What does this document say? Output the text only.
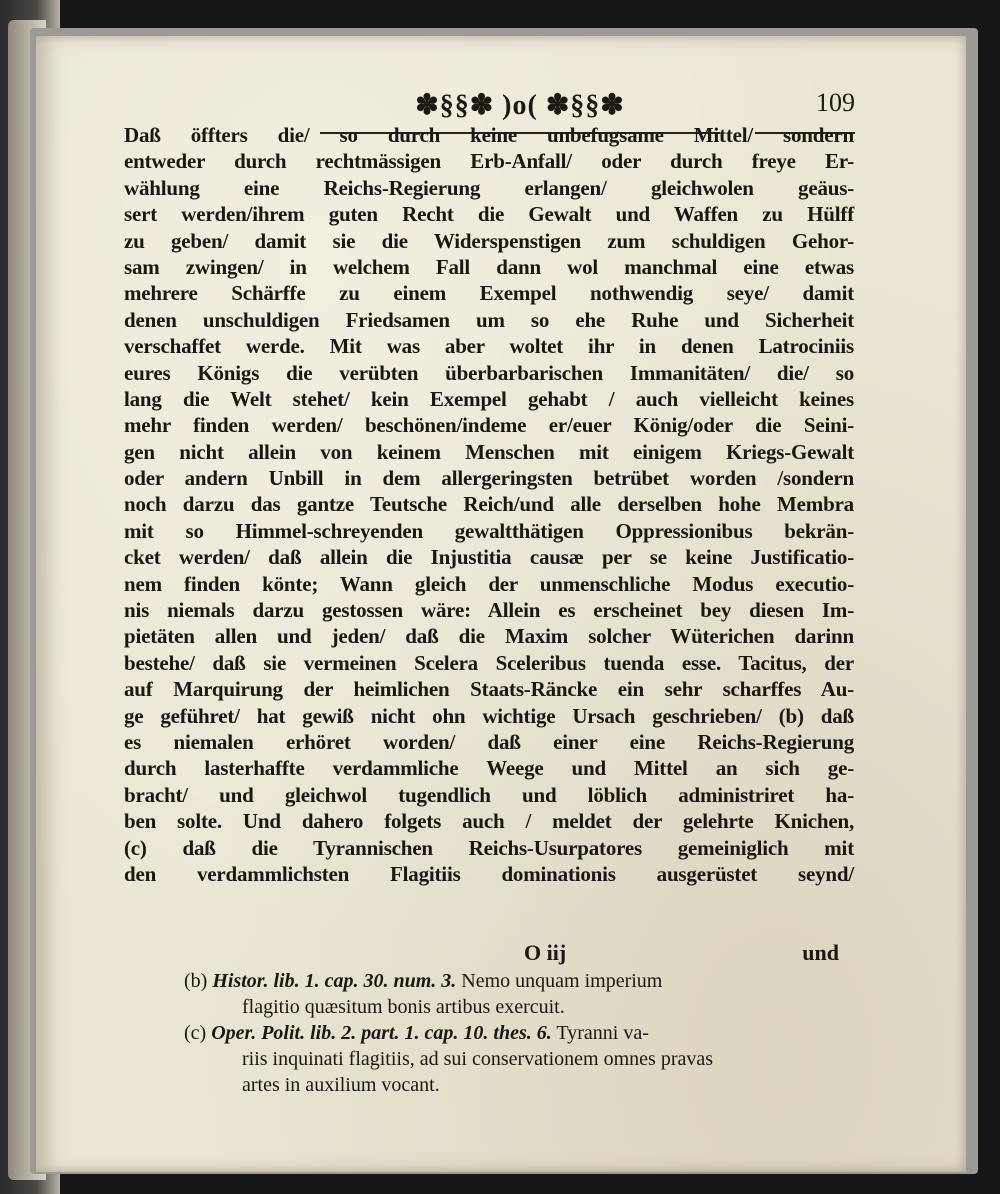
✽§§✽ )o( ✽§§✽	109
Daß öffters die/ so durch keine unbefugsame Mittel/ sondern
entweder durch rechtmässigen Erb-Anfall/ oder durch freye Er-
wählung eine Reichs-Regierung erlangen/ gleichwolen geäus-
sert werden/ihrem guten Recht die Gewalt und Waffen zu Hülff
zu geben/ damit sie die Widerspenstigen zum schuldigen Gehor-
sam zwingen/ in welchem Fall dann wol manchmal eine etwas
mehrere Schärffe zu einem Exempel nothwendig seye/ damit
denen unschuldigen Friedsamen um so ehe Ruhe und Sicherheit
verschaffet werde. Mit was aber woltet ihr in denen Latrociniis
eures Königs die verübten überbarbarischen Immanitäten/ die/ so
lang die Welt stehet/ kein Exempel gehabt / auch vielleicht keines
mehr finden werden/ beschönen/indeme er/euer König/oder die Seini-
gen nicht allein von keinem Menschen mit einigem Kriegs-Gewalt
oder andern Unbill in dem allergeringsten betrübet worden /sondern
noch darzu das gantze Teutsche Reich/und alle derselben hohe Membra
mit so Himmel-schreyenden gewaltthätigen Oppressionibus bekrän-
cket werden/ daß allein die Injustitia causæ per se keine Justificatio-
nem finden könte; Wann gleich der unmenschliche Modus executio-
nis niemals darzu gestossen wäre: Allein es erscheinet bey diesen Im-
pietäten allen und jeden/ daß die Maxim solcher Wüterichen darinn
bestehe/ daß sie vermeinen Scelera Sceleribus tuenda esse. Tacitus, der
auf Marquirung der heimlichen Staats-Räncke ein sehr scharffes Au-
ge geführet/ hat gewiß nicht ohn wichtige Ursach geschrieben/ (b) daß
es niemalen erhöret worden/ daß einer eine Reichs-Regierung
durch lasterhaffte verdammliche Weege und Mittel an sich ge-
bracht/ und gleichwol tugendlich und löblich administriret ha-
ben solte. Und dahero folgets auch / meldet der gelehrte Knichen,
(c) daß die Tyrannischen Reichs-Usurpatores gemeiniglich mit
den verdammlichsten Flagitiis dominationis ausgerüstet seynd/
O iij	und
(b) Histor. lib. 1. cap. 30. num. 3. Nemo unquam imperium
flagitio quæsitum bonis artibus exercuit.
(c) Oper. Polit. lib. 2. part. 1. cap. 10. thes. 6. Tyranni va-
riis inquinati flagitiis, ad sui conservationem omnes pravas
artes in auxilium vocant.
